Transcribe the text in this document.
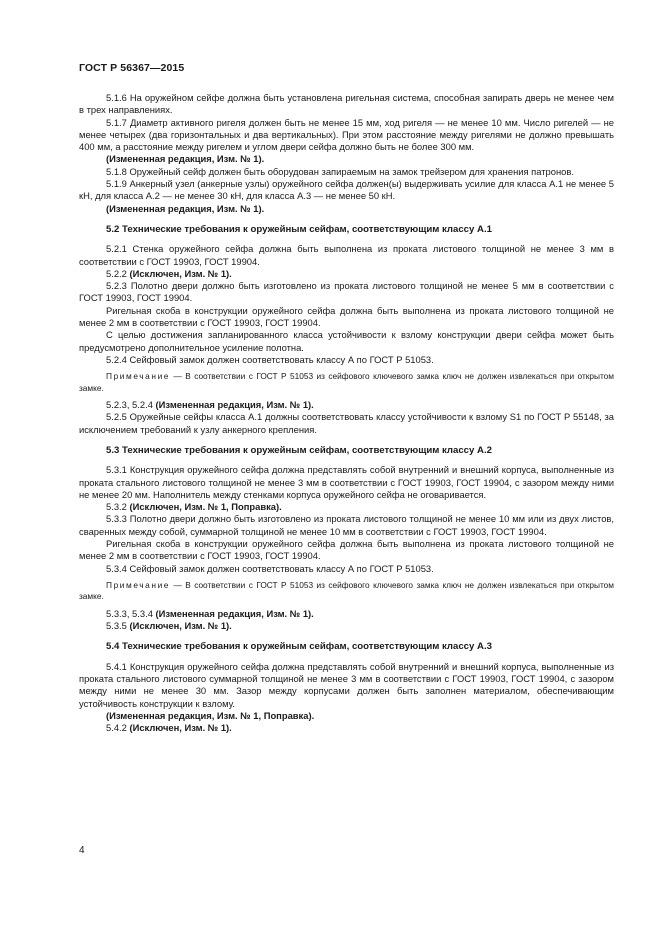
ГОСТ Р 56367—2015

5.1.6 На оружейном сейфе должна быть установлена ригельная система, способная запирать дверь не менее чем в трех направлениях.

5.1.7 Диаметр активного ригеля должен быть не менее 15 мм, ход ригеля — не менее 10 мм. Число ригелей — не менее четырех (два горизонтальных и два вертикальных). При этом расстояние между ригелями не должно превышать 400 мм, а расстояние между ригелем и углом двери сейфа должно быть не более 300 мм.

(Измененная редакция, Изм. № 1).

5.1.8 Оружейный сейф должен быть оборудован запираемым на замок трейзером для хранения патронов.

5.1.9 Анкерный узел (анкерные узлы) оружейного сейфа должен(ы) выдерживать усилие для класса А.1 не менее 5 кН, для класса А.2 — не менее 30 кН, для класса А.3 — не менее 50 кН.

(Измененная редакция, Изм. № 1).

5.2 Технические требования к оружейным сейфам, соответствующим классу А.1

5.2.1 Стенка оружейного сейфа должна быть выполнена из проката листового толщиной не менее 3 мм в соответствии с ГОСТ 19903, ГОСТ 19904.

5.2.2 (Исключен, Изм. № 1).

5.2.3 Полотно двери должно быть изготовлено из проката листового толщиной не менее 5 мм в соответствии с ГОСТ 19903, ГОСТ 19904.

Ригельная скоба в конструкции оружейного сейфа должна быть выполнена из проката листового толщиной не менее 2 мм в соответствии с ГОСТ 19903, ГОСТ 19904.

С целью достижения запланированного класса устойчивости к взлому конструкции двери сейфа может быть предусмотрено дополнительное усиление полотна.

5.2.4 Сейфовый замок должен соответствовать классу А по ГОСТ Р 51053.

Примечание — В соответствии с ГОСТ Р 51053 из сейфового ключевого замка ключ не должен извлекаться при открытом замке.

5.2.3, 5.2.4 (Измененная редакция, Изм. № 1).

5.2.5 Оружейные сейфы класса А.1 должны соответствовать классу устойчивости к взлому S1 по ГОСТ Р 55148, за исключением требований к узлу анкерного крепления.

5.3 Технические требования к оружейным сейфам, соответствующим классу А.2

5.3.1 Конструкция оружейного сейфа должна представлять собой внутренний и внешний корпуса, выполненные из проката стального листового толщиной не менее 3 мм в соответствии с ГОСТ 19903, ГОСТ 19904, с зазором между ними не менее 20 мм. Наполнитель между стенками корпуса оружейного сейфа не оговаривается.

5.3.2 (Исключен, Изм. № 1, Поправка).

5.3.3 Полотно двери должно быть изготовлено из проката листового толщиной не менее 10 мм или из двух листов, сваренных между собой, суммарной толщиной не менее 10 мм в соответствии с ГОСТ 19903, ГОСТ 19904.

Ригельная скоба в конструкции оружейного сейфа должна быть выполнена из проката листового толщиной не менее 2 мм в соответствии с ГОСТ 19903, ГОСТ 19904.

5.3.4 Сейфовый замок должен соответствовать классу А по ГОСТ Р 51053.

Примечание — В соответствии с ГОСТ Р 51053 из сейфового ключевого замка ключ не должен извлекаться при открытом замке.

5.3.3, 5.3.4 (Измененная редакция, Изм. № 1).

5.3.5 (Исключен, Изм. № 1).

5.4 Технические требования к оружейным сейфам, соответствующим классу А.3

5.4.1 Конструкция оружейного сейфа должна представлять собой внутренний и внешний корпуса, выполненные из проката стального листового суммарной толщиной не менее 3 мм в соответствии с ГОСТ 19903, ГОСТ 19904, с зазором между ними не менее 30 мм. Зазор между корпусами должен быть заполнен материалом, обеспечивающим устойчивость конструкции к взлому.

(Измененная редакция, Изм. № 1, Поправка).

5.4.2 (Исключен, Изм. № 1).

4
